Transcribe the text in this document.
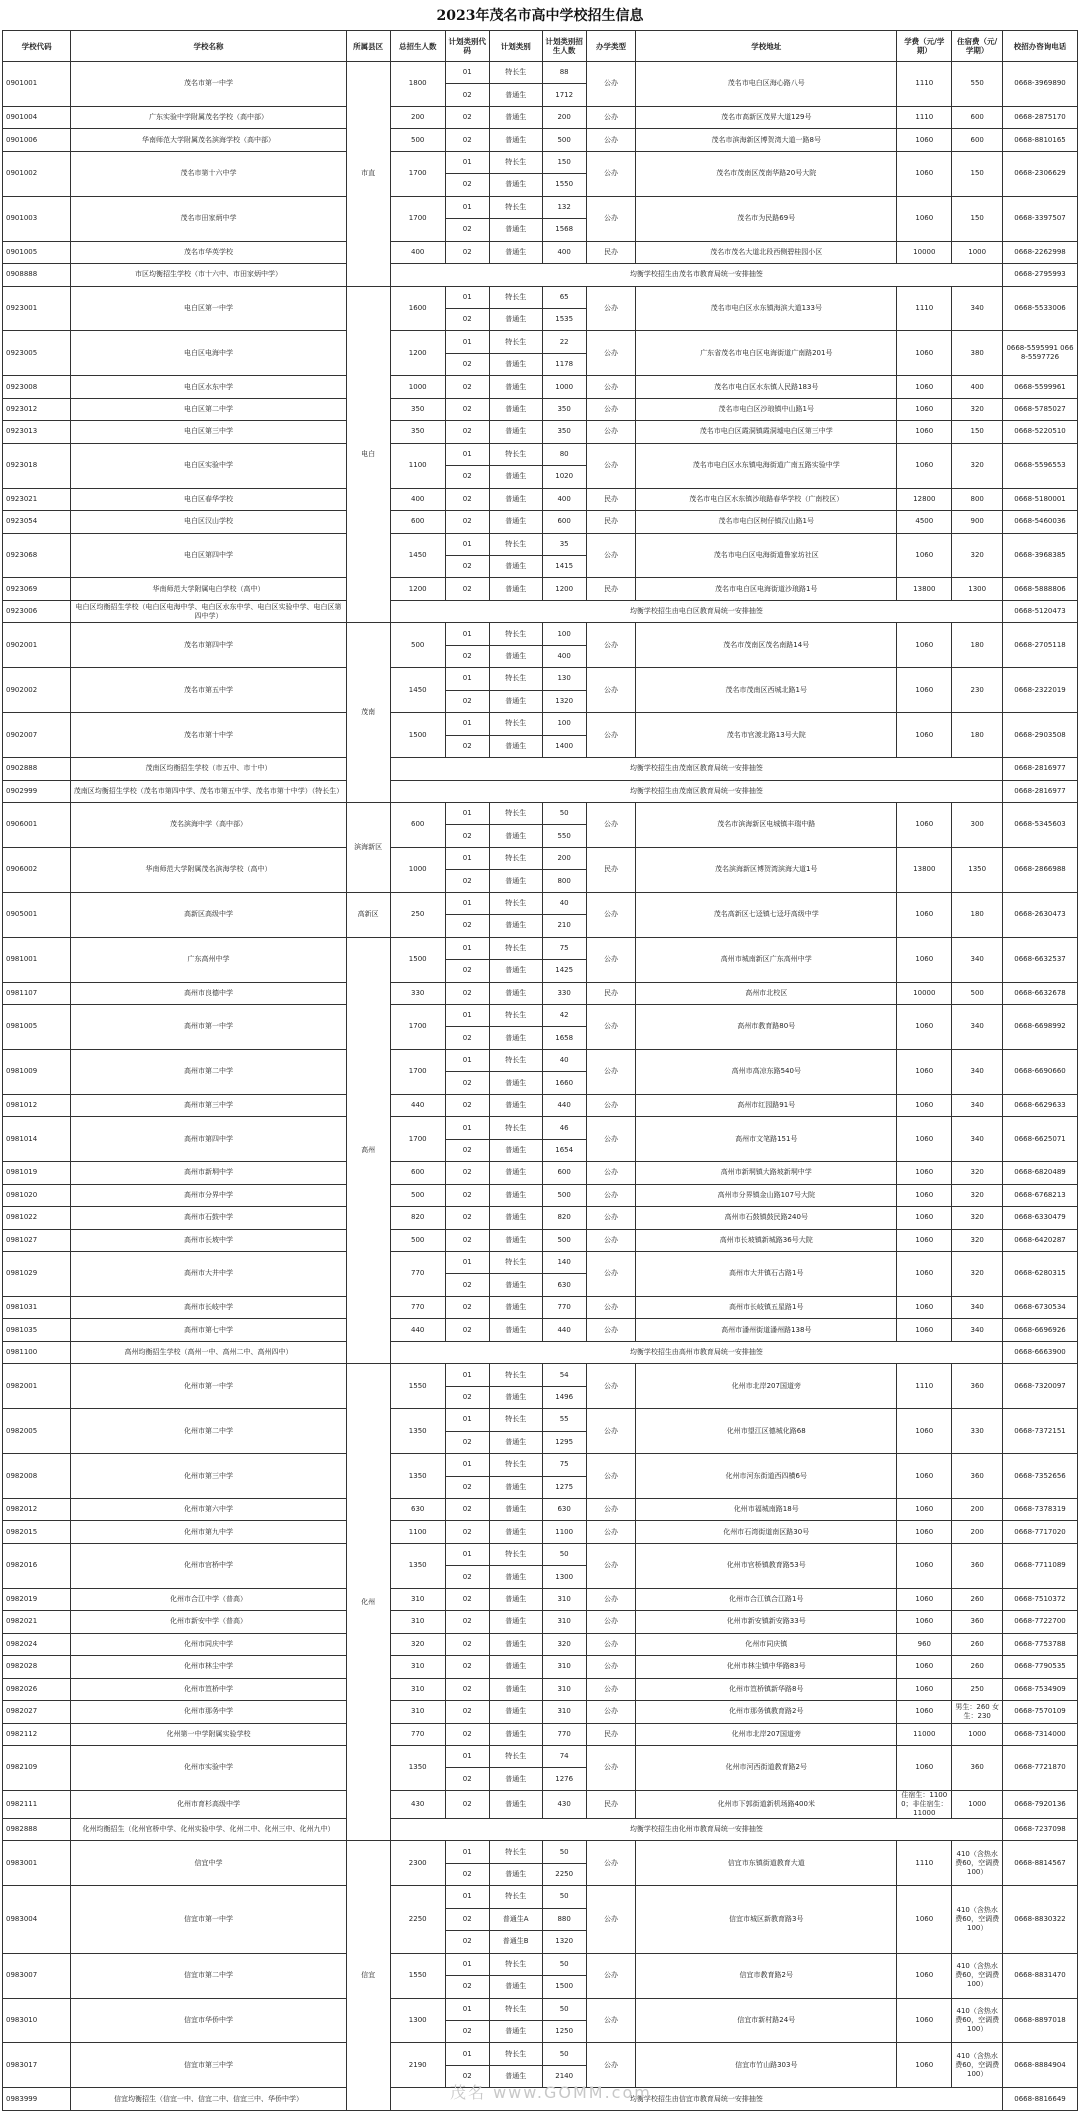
2023年茂名市高中学校招生信息
学校代码	学校名称	所属县区	总招生人数	计划类别代码	计划类别	计划类别招生人数	办学类型	学校地址	学费（元/学期）	住宿费（元/学期）	校招办咨询电话
0901001	茂名市第一中学	市直	1800	01	特长生	88	公办	茂名市电白区海心路八号	1110	550	0668-3969890
				02	普通生	1712					
0901004	广东实验中学附属茂名学校（高中部）		200	02	普通生	200	公办	茂名市高新区茂昇大道129号	1110	600	0668-2875170
0901006	华南师范大学附属茂名滨海学校（高中部）		500	02	普通生	500	公办	茂名市滨海新区博贺湾大道一路8号	1060	600	0668-8810165
0901002	茂名市第十六中学		1700	01	特长生	150	公办	茂名市茂南区茂南华路20号大院	1060	150	0668-2306629
				02	普通生	1550					
0901003	茂名市田家炳中学		1700	01	特长生	132	公办	茂名市为民路69号	1060	150	0668-3397507
				02	普通生	1568					
0901005	茂名市华英学校		400	02	普通生	400	民办	茂名市茂名大道北段西侧碧桂园小区	10000	1000	0668-2262998
0908888	市区均衡招生学校（市十六中、市田家炳中学）		均衡学校招生由茂名市教育局统一安排抽签								0668-2795993
0923001	电白区第一中学	电白	1600	01	特长生	65	公办	茂名市电白区水东镇海滨大道133号	1110	340	0668-5533006
				02	普通生	1535					
0923005	电白区电海中学		1200	01	特长生	22	公办	广东省茂名市电白区电海街道广南路201号	1060	380	0668-5595991 0668-5597726
				02	普通生	1178					
0923008	电白区水东中学		1000	02	普通生	1000	公办	茂名市电白区水东镇人民路183号	1060	400	0668-5599961
0923012	电白区第二中学		350	02	普通生	350	公办	茂名市电白区沙琅镇中山路1号	1060	320	0668-5785027
0923013	电白区第三中学		350	02	普通生	350	公办	茂名市电白区霞洞镇霞洞墟电白区第三中学	1060	150	0668-5220510
0923018	电白区实验中学		1100	01	特长生	80	公办	茂名市电白区水东镇电海街道广南五路实验中学	1060	320	0668-5596553
				02	普通生	1020					
0923021	电白区春华学校		400	02	普通生	400	民办	茂名市电白区水东镇沙琅路春华学校（广南校区）	12800	800	0668-5180001
0923054	电白区汉山学校		600	02	普通生	600	民办	茂名市电白区树仔镇汉山路1号	4500	900	0668-5460036
0923068	电白区第四中学		1450	01	特长生	35	公办	茂名市电白区电海街道鲁家坊社区	1060	320	0668-3968385
				02	普通生	1415					
0923069	华南师范大学附属电白学校（高中）		1200	02	普通生	1200	民办	茂名市电白区电海街道沙琅路1号	13800	1300	0668-5888806
0923006	电白区均衡招生学校（电白区电海中学、电白区水东中学、电白区实验中学、电白区第四中学）		均衡学校招生由电白区教育局统一安排抽签								0668-5120473
0902001	茂名市第四中学	茂南	500	01	特长生	100	公办	茂名市茂南区茂名南路14号	1060	180	0668-2705118
				02	普通生	400					
0902002	茂名市第五中学		1450	01	特长生	130	公办	茂名市茂南区西城北路1号	1060	230	0668-2322019
				02	普通生	1320					
0902007	茂名市第十中学		1500	01	特长生	100	公办	茂名市官渡北路13号大院	1060	180	0668-2903508
				02	普通生	1400					
0902888	茂南区均衡招生学校（市五中、市十中）		均衡学校招生由茂南区教育局统一安排抽签								0668-2816977
0902999	茂南区均衡招生学校（茂名市第四中学、茂名市第五中学、茂名市第十中学）（特长生）		均衡学校招生由茂南区教育局统一安排抽签								0668-2816977
0906001	茂名滨海中学（高中部）	滨海新区	600	01	特长生	50	公办	茂名市滨海新区电城镇丰瑞中路	1060	300	0668-5345603
				02	普通生	550					
0906002	华南师范大学附属茂名滨海学校（高中）		1000	01	特长生	200	民办	茂名滨海新区博贺湾滨海大道1号	13800	1350	0668-2866988
				02	普通生	800					
0905001	高新区高级中学	高新区	250	01	特长生	40	公办	茂名高新区七迳镇七迳圩高级中学	1060	180	0668-2630473
				02	普通生	210					
0981001	广东高州中学	高州	1500	01	特长生	75	公办	高州市城南新区广东高州中学	1060	340	0668-6632537
				02	普通生	1425					
0981107	高州市良德中学		330	02	普通生	330	民办	高州市北校区	10000	500	0668-6632678
0981005	高州市第一中学		1700	01	特长生	42	公办	高州市教育路80号	1060	340	0668-6698992
				02	普通生	1658					
0981009	高州市第二中学		1700	01	特长生	40	公办	高州市高凉东路540号	1060	340	0668-6690660
				02	普通生	1660					
0981012	高州市第三中学		440	02	普通生	440	公办	高州市红园路91号	1060	340	0668-6629633
0981014	高州市第四中学		1700	01	特长生	46	公办	高州市文笔路151号	1060	340	0668-6625071
				02	普通生	1654					
0981019	高州市新垌中学		600	02	普通生	600	公办	高州市新垌镇大路坡新垌中学	1060	320	0668-6820489
0981020	高州市分界中学		500	02	普通生	500	公办	高州市分界镇金山路107号大院	1060	320	0668-6768213
0981022	高州市石鼓中学		820	02	普通生	820	公办	高州市石鼓镇鼓民路240号	1060	320	0668-6330479
0981027	高州市长坡中学		500	02	普通生	500	公办	高州市长坡镇新城路36号大院	1060	320	0668-6420287
0981029	高州市大井中学		770	01	特长生	140	公办	高州市大井镇石古路1号	1060	320	0668-6280315
				02	普通生	630					
0981031	高州市长岐中学		770	02	普通生	770	公办	高州市长岐镇五星路1号	1060	340	0668-6730534
0981035	高州市第七中学		440	02	普通生	440	公办	高州市潘州街道潘州路138号	1060	340	0668-6696926
0981100	高州均衡招生学校（高州一中、高州二中、高州四中）		均衡学校招生由高州市教育局统一安排抽签								0668-6663900
0982001	化州市第一中学	化州	1550	01	特长生	54	公办	化州市北岸207国道旁	1110	360	0668-7320097
				02	普通生	1496					
0982005	化州市第二中学		1350	01	特长生	55	公办	化州市望江区德城化路68	1060	330	0668-7372151
				02	普通生	1295					
0982008	化州市第三中学		1350	01	特长生	75	公办	化州市河东街道西四横6号	1060	360	0668-7352656
				02	普通生	1275					
0982012	化州市第六中学		630	02	普通生	630	公办	化州市福城南路18号	1060	200	0668-7378319
0982015	化州市第九中学		1100	02	普通生	1100	公办	化州市石湾街道南区路30号	1060	200	0668-7717020
0982016	化州市官桥中学		1350	01	特长生	50	公办	化州市官桥镇教育路53号	1060	360	0668-7711089
				02	普通生	1300					
0982019	化州市合江中学（普高）		310	02	普通生	310	公办	化州市合江镇合江路1号	1060	260	0668-7510372
0982021	化州市新安中学（普高）		310	02	普通生	310	公办	化州市新安镇新安路33号	1060	360	0668-7722700
0982024	化州市同庆中学		320	02	普通生	320	公办	化州市同庆镇	960	260	0668-7753788
0982028	化州市林尘中学		310	02	普通生	310	公办	化州市林尘镇中华路83号	1060	260	0668-7790535
0982026	化州市笪桥中学		310	02	普通生	310	公办	化州市笪桥镇新华路8号	1060	250	0668-7534909
0982027	化州市那务中学		310	02	普通生	310	公办	化州市那务镇教育路2号	1060	男生：260 女生：230	0668-7570109
0982112	化州第一中学附属实验学校		770	02	普通生	770	民办	化州市北岸207国道旁	11000	1000	0668-7314000
0982109	化州市实验中学		1350	01	特长生	74	公办	化州市河西街道教育路2号	1060	360	0668-7721870
				02	普通生	1276					
0982111	化州市育杉高级中学		430	02	普通生	430	民办	化州市下郭街道新机场路400米	住宿生：11000；非住宿生：11000	1000	0668-7920136
0982888	化州均衡招生（化州官桥中学、化州实验中学、化州二中、化州三中、化州九中）		均衡学校招生由化州市教育局统一安排抽签								0668-7237098
0983001	信宜中学	信宜	2300	01	特长生	50	公办	信宜市东镇街道教育大道	1110	410（含热水费60，空调费100）	0668-8814567
				02	普通生	2250					
0983004	信宜市第一中学		2250	01	特长生	50	公办	信宜市城区新教育路3号	1060	410（含热水费60，空调费100）	0668-8830322
				02	普通生A	880					
				02	普通生B	1320					
0983007	信宜市第二中学		1550	01	特长生	50	公办	信宜市教育路2号	1060	410（含热水费60，空调费100）	0668-8831470
				02	普通生	1500					
0983010	信宜市华侨中学		1300	01	特长生	50	公办	信宜市新村路24号	1060	410（含热水费60，空调费100）	0668-8897018
				02	普通生	1250					
0983017	信宜市第三中学		2190	01	特长生	50	公办	信宜市竹山路303号	1060	410（含热水费60，空调费100）	0668-8884904
				02	普通生	2140					
0983999	信宜均衡招生（信宜一中、信宜二中、信宜三中、华侨中学）		均衡学校招生由信宜市教育局统一安排抽签								0668-8816649
茂名 www.GOMM.com
